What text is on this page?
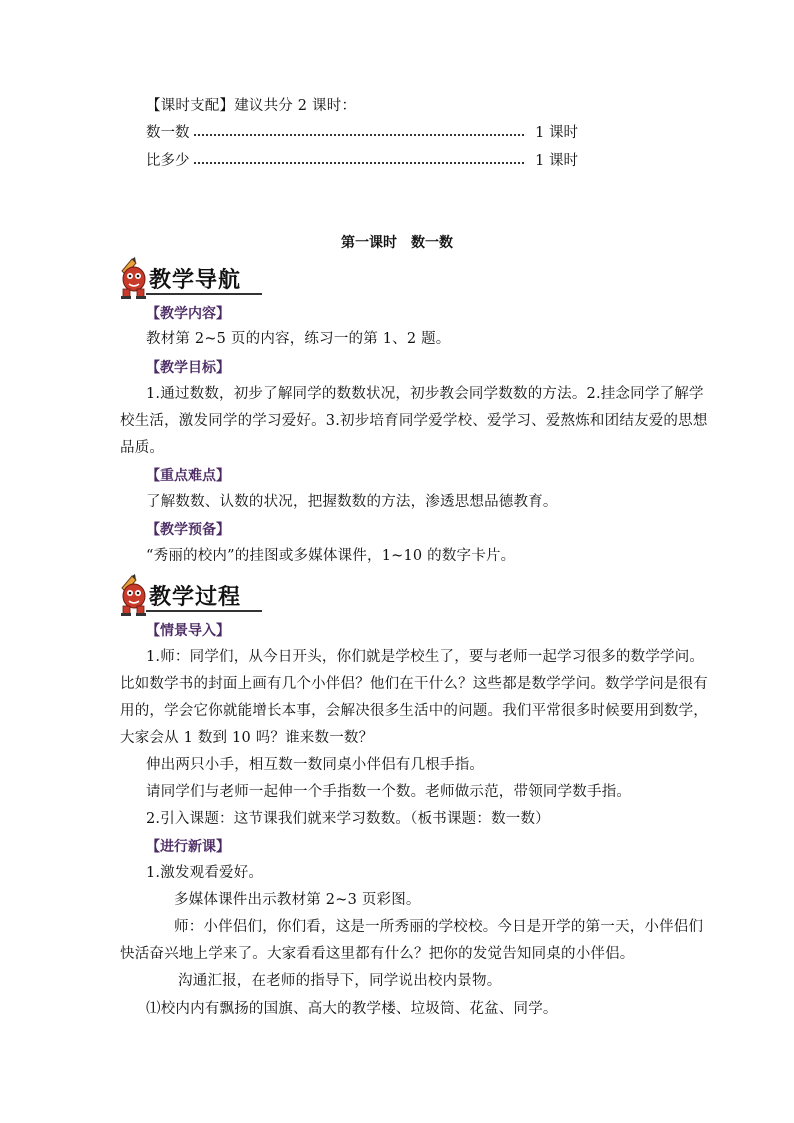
【课时支配】建议共分 2 课时：
数一数	1 课时
比多少	1 课时
第一课时　数一数
教学导航
【教学内容】
教材第 2~5 页的内容，练习一的第 1、2 题。
【教学目标】
1.通过数数，初步了解同学的数数状况，初步教会同学数数的方法。2.挂念同学了解学
校生活，激发同学的学习爱好。3.初步培育同学爱学校、爱学习、爱熬炼和团结友爱的思想
品质。
【重点难点】
了解数数、认数的状况，把握数数的方法，渗透思想品德教育。
【教学预备】
“秀丽的校内”的挂图或多媒体课件，1~10 的数字卡片。
教学过程
【情景导入】
1.师：同学们，从今日开头，你们就是学校生了，要与老师一起学习很多的数学学问。
比如数学书的封面上画有几个小伴侣？他们在干什么？这些都是数学学问。数学学问是很有
用的，学会它你就能增长本事，会解决很多生活中的问题。我们平常很多时候要用到数学，
大家会从 1 数到 10 吗？谁来数一数？
伸出两只小手，相互数一数同桌小伴侣有几根手指。
请同学们与老师一起伸一个手指数一个数。老师做示范，带领同学数手指。
2.引入课题：这节课我们就来学习数数。（板书课题：数一数）
【进行新课】
1.激发观看爱好。
多媒体课件出示教材第 2~3 页彩图。
师：小伴侣们，你们看，这是一所秀丽的学校校。今日是开学的第一天，小伴侣们
快活奋兴地上学来了。大家看看这里都有什么？把你的发觉告知同桌的小伴侣。
沟通汇报，在老师的指导下，同学说出校内景物。
⑴校内内有飘扬的国旗、高大的教学楼、垃圾筒、花盆、同学。
